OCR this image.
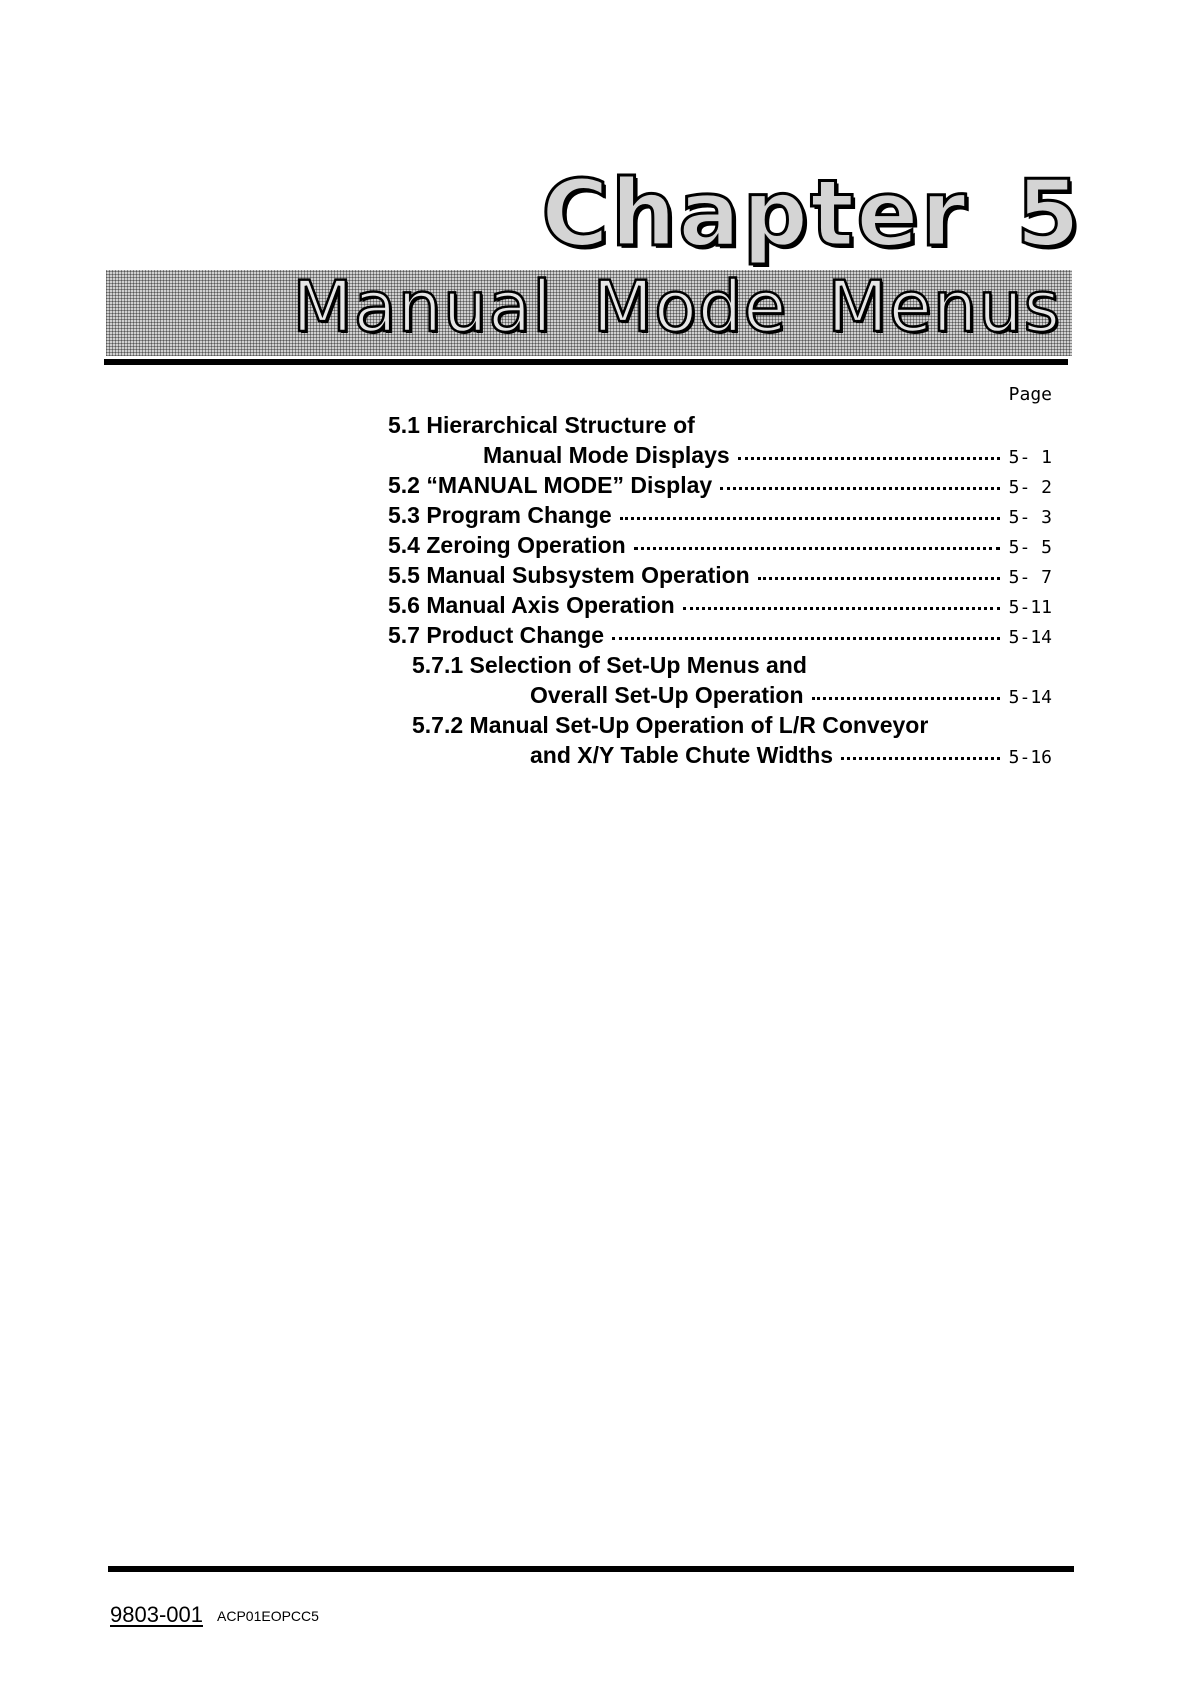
Chapter 5
Manual Mode Menus
Page
5.1 Hierarchical Structure of
Manual Mode Displays	5- 1
5.2 “MANUAL MODE” Display	5- 2
5.3 Program Change	5- 3
5.4 Zeroing Operation	5- 5
5.5 Manual Subsystem Operation	5- 7
5.6 Manual Axis Operation	5-11
5.7 Product Change	5-14
5.7.1 Selection of Set-Up Menus and
Overall Set-Up Operation	5-14
5.7.2 Manual Set-Up Operation of L/R Conveyor
and X/Y Table Chute Widths	5-16
9803-001 ACP01EOPCC5
